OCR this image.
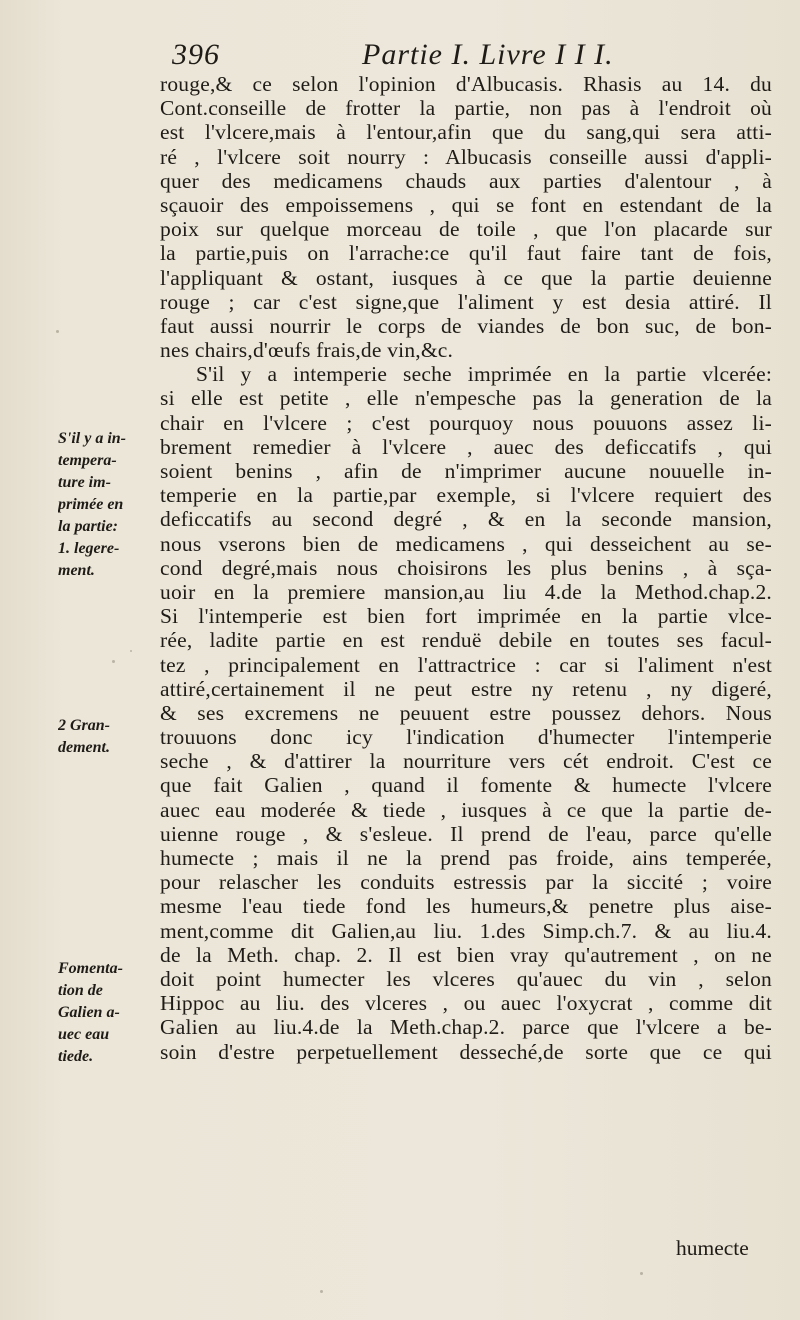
396	Partie I. Livre I I I.
rouge,& ce selon l'opinion d'Albucasis. Rhasis au 14. du
Cont.conseille de frotter la partie, non pas à l'endroit où
est l'vlcere,mais à l'entour,afin que du sang,qui sera atti-
ré , l'vlcere soit nourry : Albucasis conseille aussi d'appli-
quer des medicamens chauds aux parties d'alentour , à
sçauoir des empoissemens , qui se font en estendant de la
poix sur quelque morceau de toile , que l'on placarde sur
la partie,puis on l'arrache:ce qu'il faut faire tant de fois,
l'appliquant & ostant, iusques à ce que la partie deuienne
rouge ; car c'est signe,que l'aliment y est desia attiré. Il
faut aussi nourrir le corps de viandes de bon suc, de bon-
nes chairs,d'œufs frais,de vin,&c.
S'il y a intemperie seche imprimée en la partie vlcerée:
si elle est petite , elle n'empesche pas la generation de la
chair en l'vlcere ; c'est pourquoy nous pouuons assez li-
brement remedier à l'vlcere , auec des deficcatifs , qui
soient benins , afin de n'imprimer aucune nouuelle in-
temperie en la partie,par exemple, si l'vlcere requiert des
deficcatifs au second degré , & en la seconde mansion,
nous vserons bien de medicamens , qui desseichent au se-
cond degré,mais nous choisirons les plus benins , à sça-
uoir en la premiere mansion,au liu 4.de la Method.chap.2.
Si l'intemperie est bien fort imprimée en la partie vlce-
rée, ladite partie en est renduë debile en toutes ses facul-
tez , principalement en l'attractrice : car si l'aliment n'est
attiré,certainement il ne peut estre ny retenu , ny digeré,
& ses excremens ne peuuent estre poussez dehors. Nous
trouuons donc icy l'indication d'humecter l'intemperie
seche , & d'attirer la nourriture vers cét endroit. C'est ce
que fait Galien , quand il fomente & humecte l'vlcere
auec eau moderée & tiede , iusques à ce que la partie de-
uienne rouge , & s'esleue. Il prend de l'eau, parce qu'elle
humecte ; mais il ne la prend pas froide, ains temperée,
pour relascher les conduits estressis par la siccité ; voire
mesme l'eau tiede fond les humeurs,& penetre plus aise-
ment,comme dit Galien,au liu. 1.des Simp.ch.7. & au liu.4.
de la Meth. chap. 2. Il est bien vray qu'autrement , on ne
doit point humecter les vlceres qu'auec du vin , selon
Hippoc au liu. des vlceres , ou auec l'oxycrat , comme dit
Galien au liu.4.de la Meth.chap.2. parce que l'vlcere a be-
soin d'estre perpetuellement desseché,de sorte que ce qui
humecte
S'il y a in-
tempera-
ture im-
primée en
la partie:
1. legere-
ment.
2 Gran-
dement.
Fomenta-
tion de
Galien a-
uec eau
tiede.
